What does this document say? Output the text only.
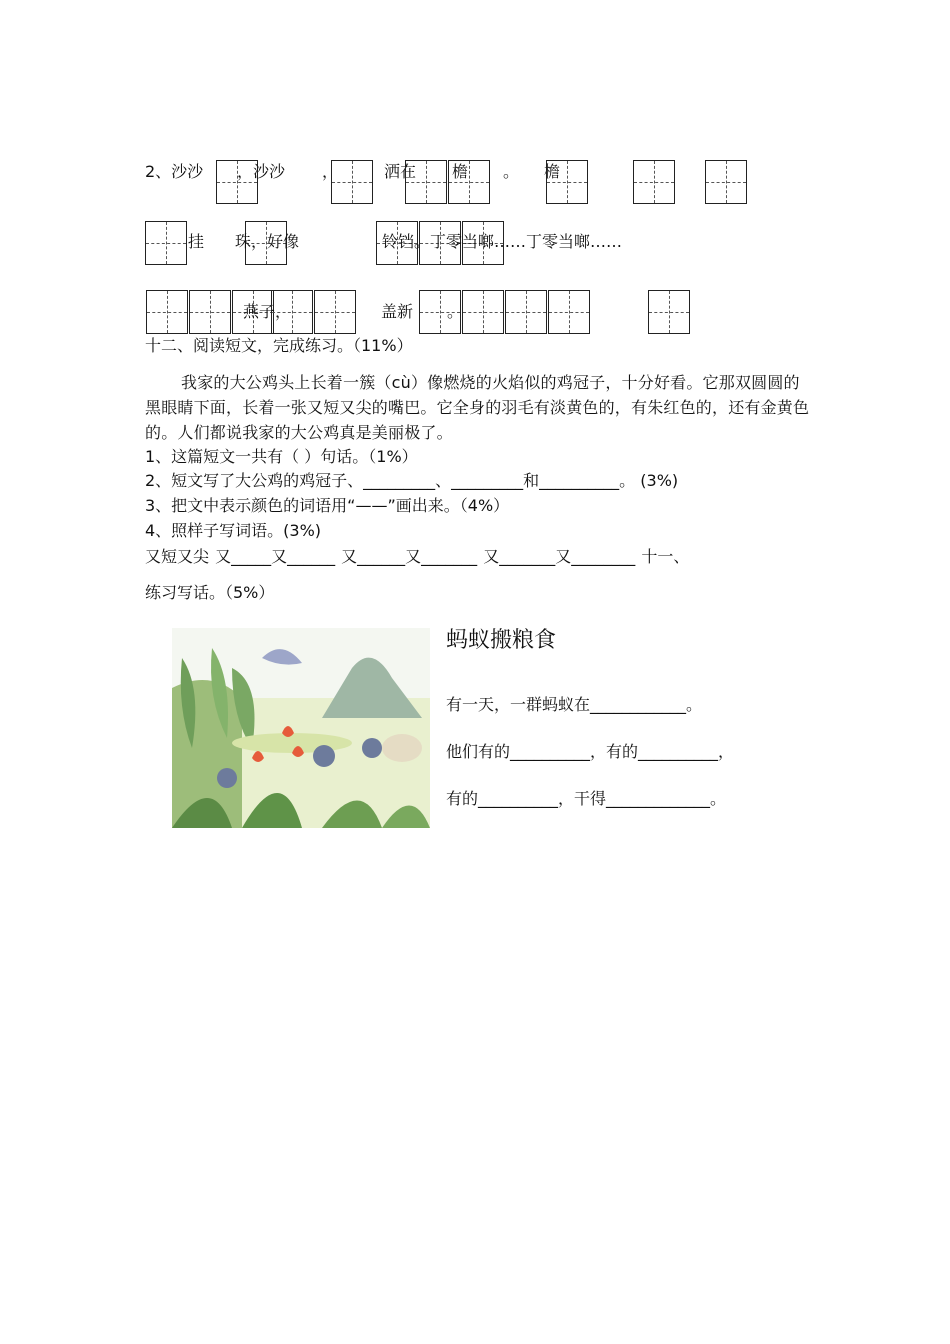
2、沙沙 ，沙沙 ，	洒在 檐 。 檐
挂 珠，好像	铃铛。丁零当啷……丁零当啷……
燕子，	盖新 。
十二、阅读短文，完成练习。（11%）
我家的大公鸡头上长着一簇（cù）像燃烧的火焰似的鸡冠子，十分好看。它那双圆圆的黑眼睛下面，长着一张又短又尖的嘴巴。它全身的羽毛有淡黄色的，有朱红色的，还有金黄色的。人们都说我家的大公鸡真是美丽极了。
1、这篇短文一共有（ ）句话。（1%）
2、短文写了大公鸡的鸡冠子、_________、_________和__________。 (3%)
3、把文中表示颜色的词语用“——”画出来。（4%）
4、照样子写词语。(3%)
又短又尖 又_____又______ 又______又_______ 又_______又________ 十一、
练习写话。（5%）
蚂蚁搬粮食
有一天，一群蚂蚁在____________。
他们有的__________，有的__________，
有的__________，干得_____________。
